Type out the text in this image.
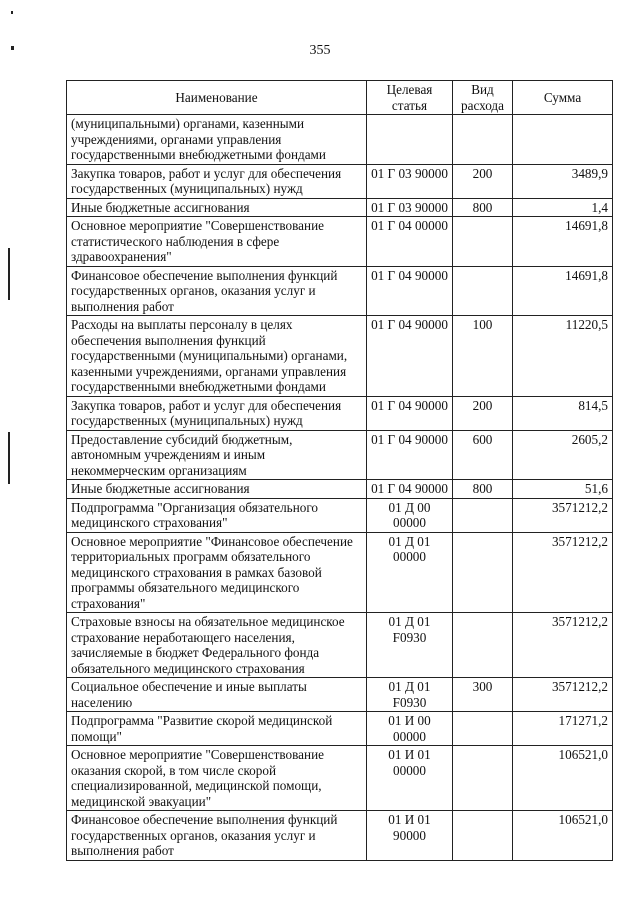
355
Наименование	Целевая статья	Вид расхода	Сумма
(муниципальными) органами, казенными учреждениями, органами управления государственными внебюджетными фондами			
Закупка товаров, работ и услуг для обеспечения государственных (муниципальных) нужд	01 Г 03 90000	200	3489,9
Иные бюджетные ассигнования	01 Г 03 90000	800	1,4
Основное мероприятие "Совершенствование статистического наблюдения в сфере здравоохранения"	01 Г 04 00000		14691,8
Финансовое обеспечение выполнения функций государственных органов, оказания услуг и выполнения работ	01 Г 04 90000		14691,8
Расходы на выплаты персоналу в целях обеспечения выполнения функций государственными (муниципальными) органами, казенными учреждениями, органами управления государственными внебюджетными фондами	01 Г 04 90000	100	11220,5
Закупка товаров, работ и услуг для обеспечения государственных (муниципальных) нужд	01 Г 04 90000	200	814,5
Предоставление субсидий бюджетным, автономным учреждениям и иным некоммерческим организациям	01 Г 04 90000	600	2605,2
Иные бюджетные ассигнования	01 Г 04 90000	800	51,6
Подпрограмма "Организация обязательного медицинского страхования"	01 Д 00 00000		3571212,2
Основное мероприятие "Финансовое обеспечение территориальных программ обязательного медицинского страхования в рамках базовой программы обязательного медицинского страхования"	01 Д 01 00000		3571212,2
Страховые взносы на обязательное медицинское страхование неработающего населения, зачисляемые в бюджет Федерального фонда обязательного медицинского страхования	01 Д 01 F0930		3571212,2
Социальное обеспечение и иные выплаты населению	01 Д 01 F0930	300	3571212,2
Подпрограмма "Развитие скорой медицинской помощи"	01 И 00 00000		171271,2
Основное мероприятие "Совершенствование оказания скорой, в том числе скорой специализированной, медицинской помощи, медицинской эвакуации"	01 И 01 00000		106521,0
Финансовое обеспечение выполнения функций государственных органов, оказания услуг и выполнения работ	01 И 01 90000		106521,0
